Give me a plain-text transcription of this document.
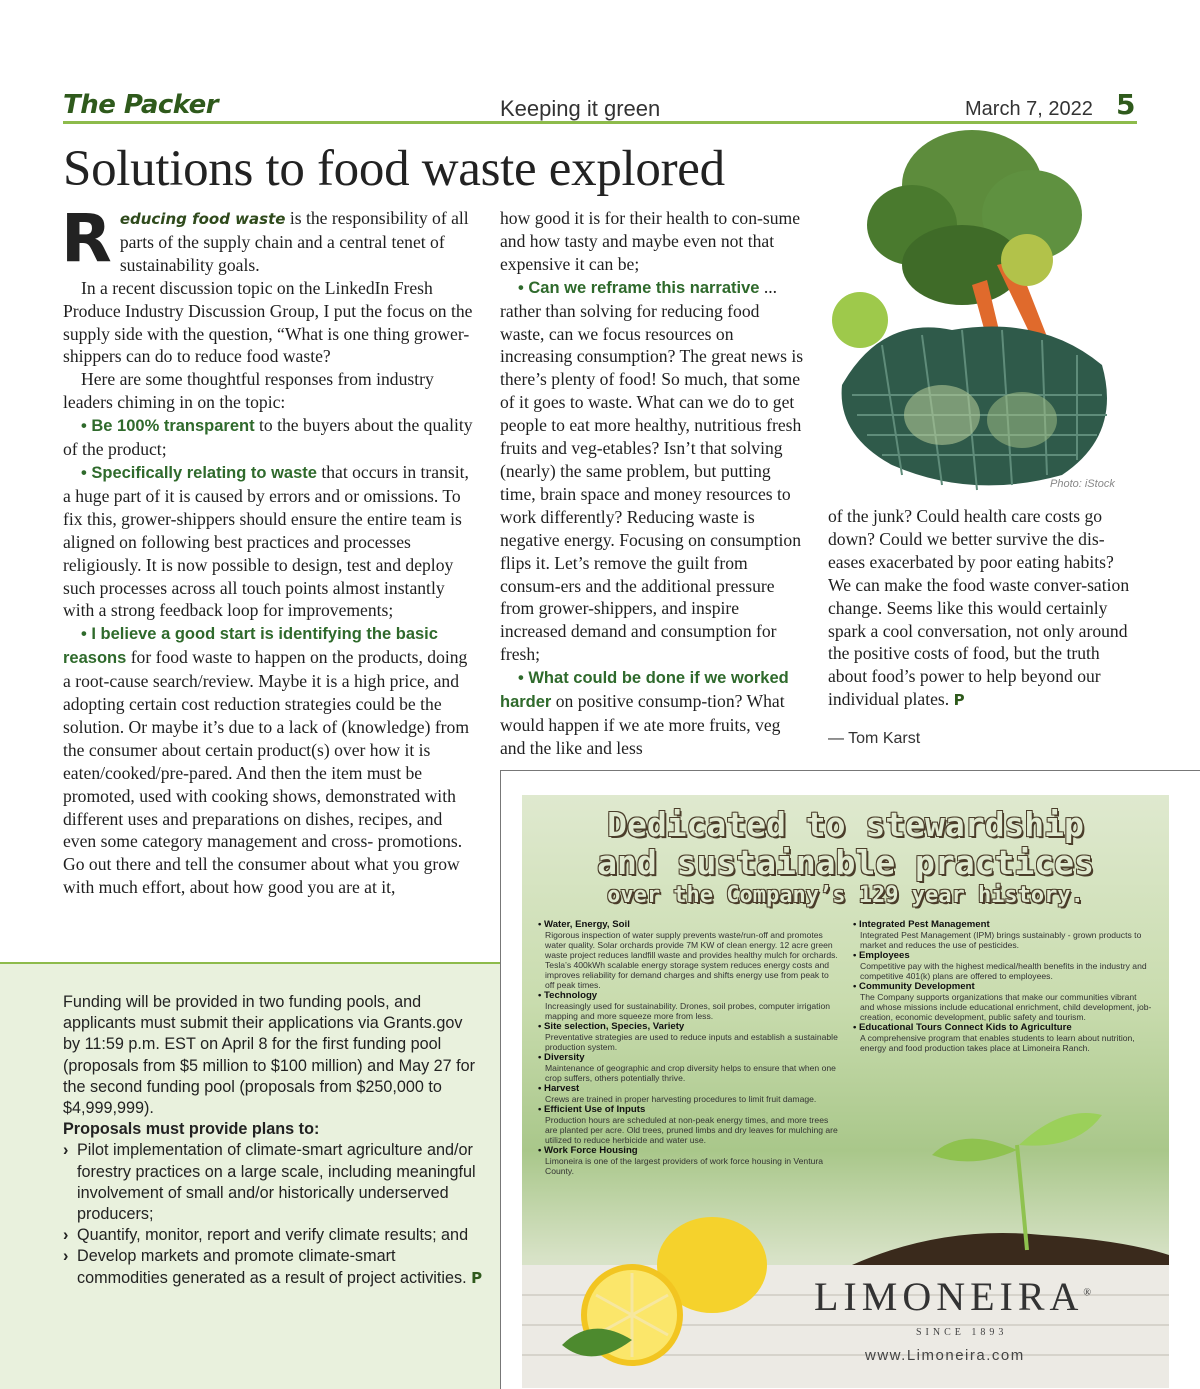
The Packer	Keeping it green	March 7, 2022 5
Solutions to food waste explored
Photo: iStock

Reducing food waste is the responsibility of all parts of the supply chain and a central tenet of sustainability goals.

In a recent discussion topic on the LinkedIn Fresh Produce Industry Discussion Group, I put the focus on the supply side with the question, “What is one thing grower-shippers can do to reduce food waste?

Here are some thoughtful responses from industry leaders chiming in on the topic:

• Be 100% transparent to the buyers about the quality of the product;

• Specifically relating to waste that occurs in transit, a huge part of it is caused by errors and or omissions. To fix this, grower-shippers should ensure the entire team is aligned on following best practices and processes religiously. It is now possible to design, test and deploy such processes across all touch points almost instantly with a strong feedback loop for improvements;

• I believe a good start is identifying the basic reasons for food waste to happen on the products, doing a root-cause search/review. Maybe it is a high price, and adopting certain cost reduction strategies could be the solution. Or maybe it’s due to a lack of (knowledge) from the consumer about certain product(s) over how it is eaten/cooked/pre-pared. And then the item must be promoted, used with cooking shows, demonstrated with different uses and preparations on dishes, recipes, and even some category management and cross- promotions. Go out there and tell the consumer about what you grow with much effort, about how good you are at it,

how good it is for their health to con-sume and how tasty and maybe even not that expensive it can be;

• Can we reframe this narrative ... rather than solving for reducing food waste, can we focus resources on increasing consumption? The great news is there’s plenty of food! So much, that some of it goes to waste. What can we do to get people to eat more healthy, nutritious fresh fruits and veg-etables? Isn’t that solving (nearly) the same problem, but putting time, brain space and money resources to work differently? Reducing waste is negative energy. Focusing on consumption flips it. Let’s remove the guilt from consum-ers and the additional pressure from grower-shippers, and inspire increased demand and consumption for fresh;

• What could be done if we worked harder on positive consump-tion? What would happen if we ate more fruits, veg and the like and less

of the junk? Could health care costs go down? Could we better survive the dis-eases exacerbated by poor eating habits? We can make the food waste conver-sation change. Seems like this would certainly spark a cool conversation, not only around the positive costs of food, but the truth about food’s power to help beyond our individual plates. P

— Tom Karst

Funding will be provided in two funding pools, and applicants must submit their applications via Grants.gov by 11:59 p.m. EST on April 8 for the first funding pool (proposals from $5 million to $100 million) and May 27 for the second funding pool (proposals from $250,000 to $4,999,999).

Proposals must provide plans to:

› Pilot implementation of climate-smart agriculture and/or forestry practices on a large scale, including meaningful involvement of small and/or historically underserved producers;
› Quantify, monitor, report and verify climate results; and
› Develop markets and promote climate-smart commodities generated as a result of project activities. P
Dedicated to stewardship
and sustainable practices
over the Company’s 129 year history.
• Water, Energy, Soil
Rigorous inspection of water supply prevents waste/run-off and promotes water quality. Solar orchards provide 7M KW of clean energy. 12 acre green waste project reduces landfill waste and provides healthy mulch for orchards. Tesla’s 400kWh scalable energy storage system reduces energy costs and improves reliability for demand charges and shifts energy use from peak to off peak times.
• Technology
Increasingly used for sustainability. Drones, soil probes, computer irrigation mapping and more squeeze more from less.
• Site selection, Species, Variety
Preventative strategies are used to reduce inputs and establish a sustainable production system.
• Diversity
Maintenance of geographic and crop diversity helps to ensure that when one crop suffers, others potentially thrive.
• Harvest
Crews are trained in proper harvesting procedures to limit fruit damage.
• Efficient Use of Inputs
Production hours are scheduled at non-peak energy times, and more trees are planted per acre. Old trees, pruned limbs and dry leaves for mulching are utilized to reduce herbicide and water use.
• Work Force Housing
Limoneira is one of the largest providers of work force housing in Ventura County.
• Integrated Pest Management
Integrated Pest Management (IPM) brings sustainably - grown products to market and reduces the use of pesticides.
• Employees
Competitive pay with the highest medical/health benefits in the industry and competitive 401(k) plans are offered to employees.
• Community Development
The Company supports organizations that make our communities vibrant and whose missions include educational enrichment, child development, job-creation, economic development, public safety and tourism.
• Educational Tours Connect Kids to Agriculture
A comprehensive program that enables students to learn about nutrition, energy and food production takes place at Limoneira Ranch.
LIMONEIRA®
SINCE 1893
www.Limoneira.com
